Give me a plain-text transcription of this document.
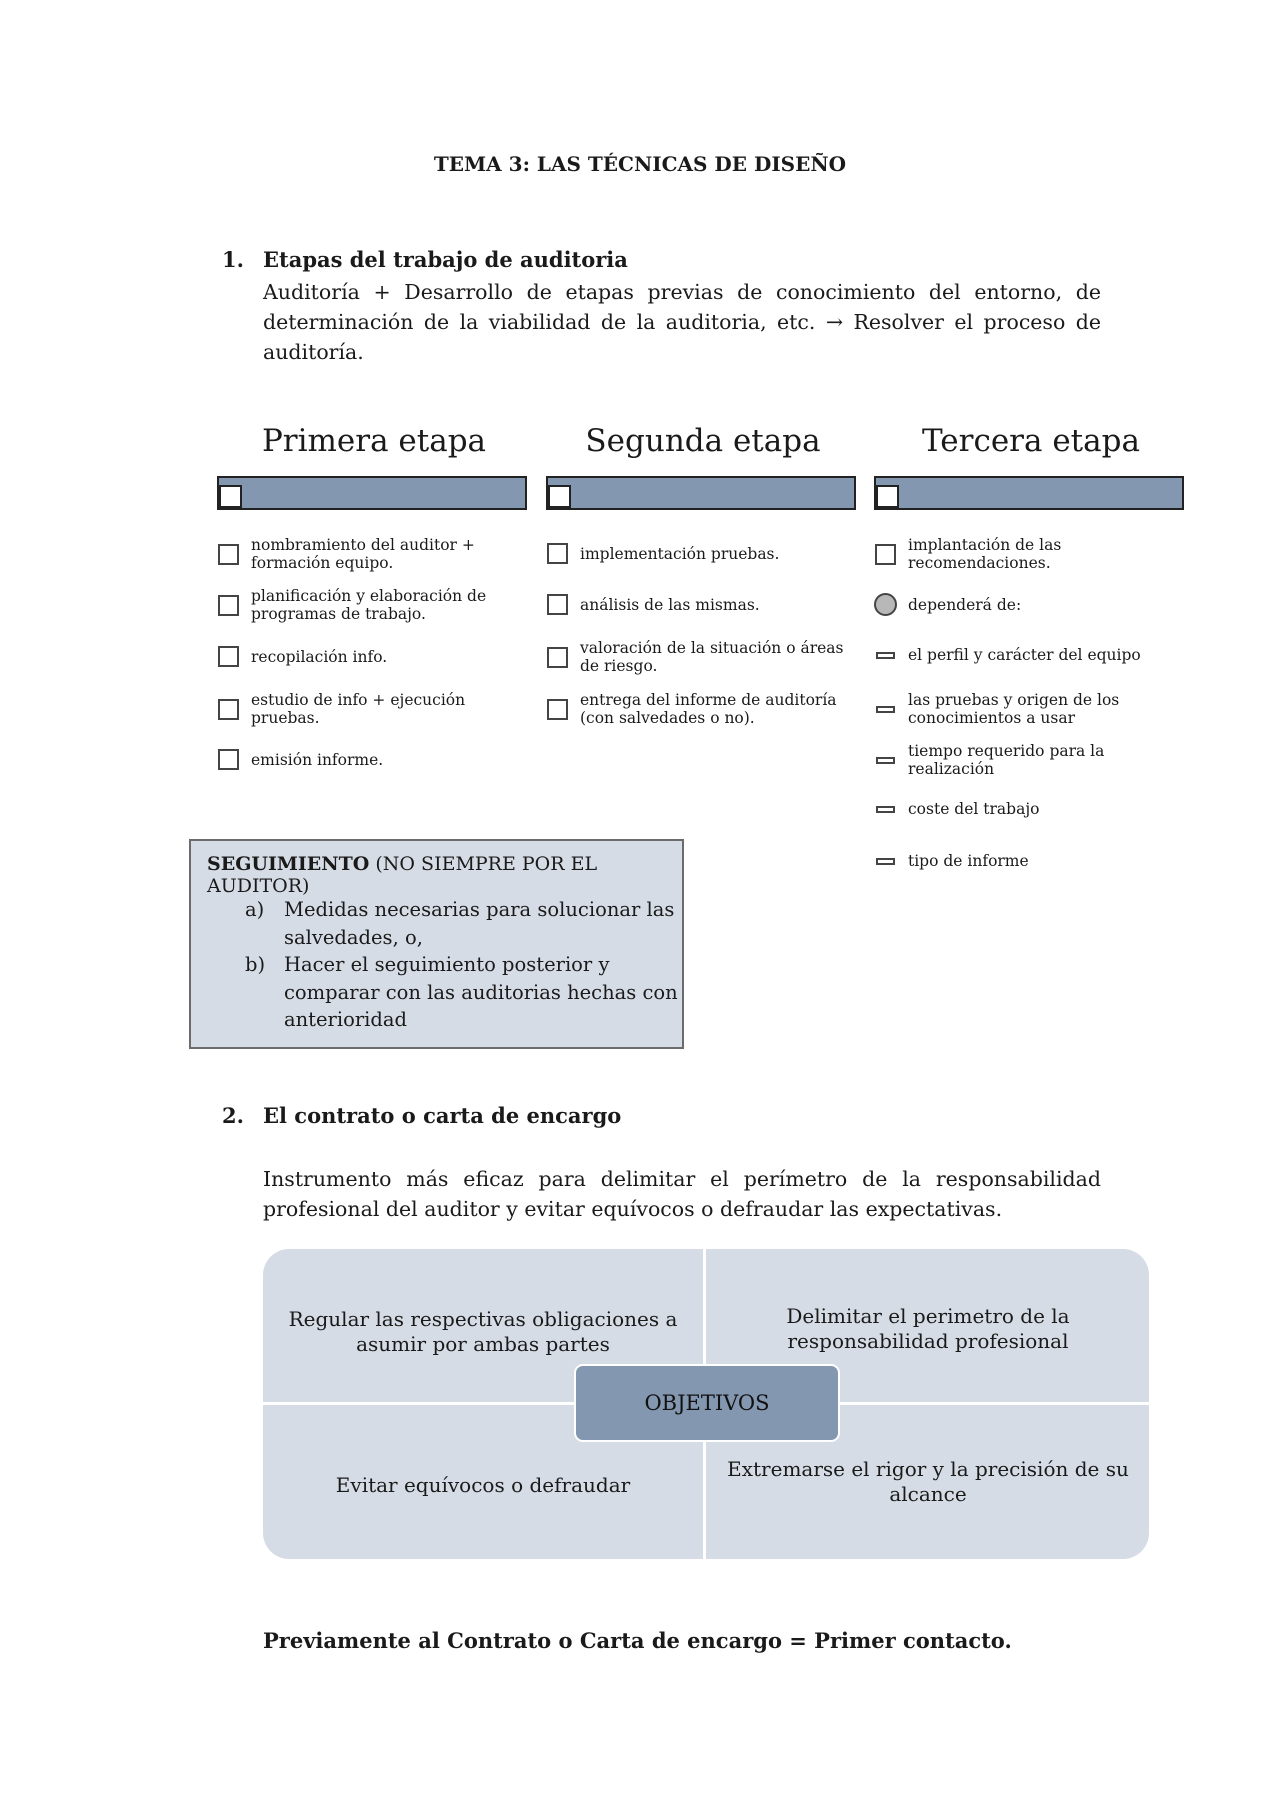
TEMA 3: LAS TÉCNICAS DE DISEÑO
1. Etapas del trabajo de auditoria
Auditoría + Desarrollo de etapas previas de conocimiento del entorno, de
determinación de la viabilidad de la auditoria, etc. → Resolver el proceso de
auditoría.
Primera etapa	Segunda etapa	Tercera etapa
nombramiento del auditor +
formación equipo.
planificación y elaboración de
programas de trabajo.
recopilación info.
estudio de info + ejecución
pruebas.
emisión informe.
implementación pruebas.
análisis de las mismas.
valoración de la situación o áreas
de riesgo.
entrega del informe de auditoría
(con salvedades o no).
implantación de las
recomendaciones.
dependerá de:
el perfil y carácter del equipo
las pruebas y origen de los
conocimientos a usar
tiempo requerido para la
realización
coste del trabajo
tipo de informe
SEGUIMIENTO (NO SIEMPRE POR EL AUDITOR)
a) Medidas necesarias para solucionar las
salvedades, o,
b) Hacer el seguimiento posterior y
comparar con las auditorias hechas con
anterioridad
2. El contrato o carta de encargo
Instrumento más eficaz para delimitar el perímetro de la responsabilidad
profesional del auditor y evitar equívocos o defraudar las expectativas.
Regular las respectivas obligaciones a
asumir por ambas partes
Delimitar el perimetro de la
responsabilidad profesional
Evitar equívocos o defraudar
Extremarse el rigor y la precisión de su
alcance
OBJETIVOS
Previamente al Contrato o Carta de encargo = Primer contacto.
